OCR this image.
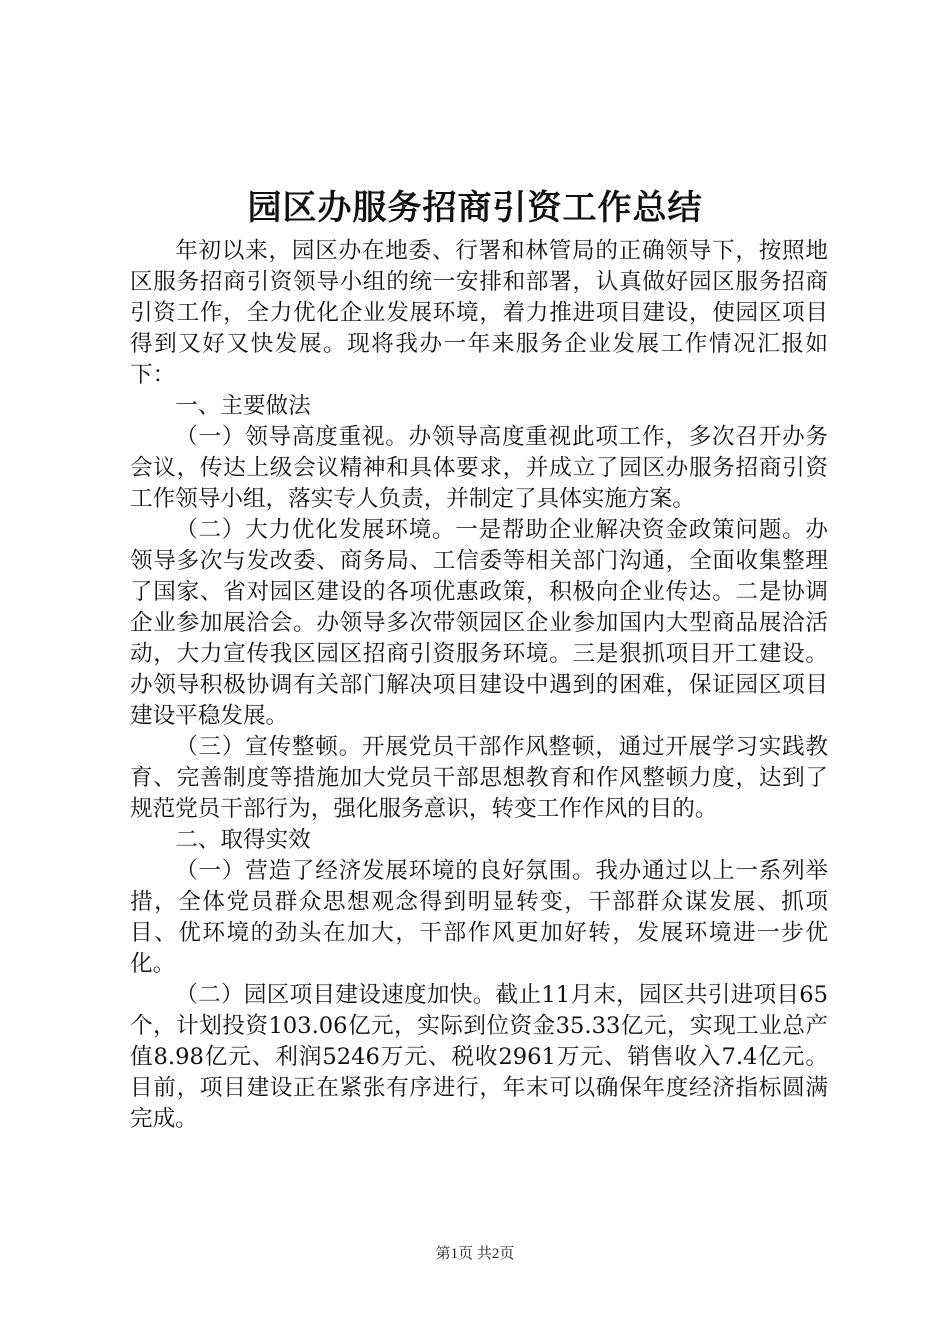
园区办服务招商引资工作总结

年初以来，园区办在地委、行署和林管局的正确领导下，按照地区服务招商引资领导小组的统一安排和部署，认真做好园区服务招商引资工作，全力优化企业发展环境，着力推进项目建设，使园区项目得到又好又快发展。现将我办一年来服务企业发展工作情况汇报如下：

一、主要做法

（一）领导高度重视。办领导高度重视此项工作，多次召开办务会议，传达上级会议精神和具体要求，并成立了园区办服务招商引资工作领导小组，落实专人负责，并制定了具体实施方案。

（二）大力优化发展环境。一是帮助企业解决资金政策问题。办领导多次与发改委、商务局、工信委等相关部门沟通，全面收集整理了国家、省对园区建设的各项优惠政策，积极向企业传达。二是协调企业参加展洽会。办领导多次带领园区企业参加国内大型商品展洽活动，大力宣传我区园区招商引资服务环境。三是狠抓项目开工建设。办领导积极协调有关部门解决项目建设中遇到的困难，保证园区项目建设平稳发展。

（三）宣传整顿。开展党员干部作风整顿，通过开展学习实践教育、完善制度等措施加大党员干部思想教育和作风整顿力度，达到了规范党员干部行为，强化服务意识，转变工作作风的目的。

二、取得实效

（一）营造了经济发展环境的良好氛围。我办通过以上一系列举措，全体党员群众思想观念得到明显转变，干部群众谋发展、抓项目、优环境的劲头在加大，干部作风更加好转，发展环境进一步优化。

（二）园区项目建设速度加快。截止11月末，园区共引进项目65个，计划投资103.06亿元，实际到位资金35.33亿元，实现工业总产值8.98亿元、利润5246万元、税收2961万元、销售收入7.4亿元。目前，项目建设正在紧张有序进行，年末可以确保年度经济指标圆满完成。

第1页 共2页
